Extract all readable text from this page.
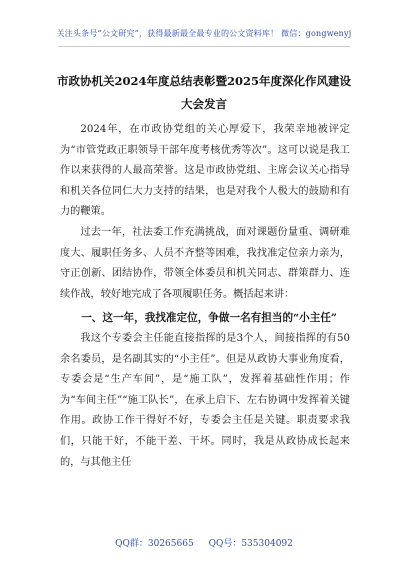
关注头条号“公文研究”，获得最新最全最专业的公文资料库！ 微信：gongwenyj
市政协机关2024年度总结表彰暨2025年度深化作风建设大会发言

2024年，在市政协党组的关心厚爱下，我荣幸地被评定为“市管党政正职领导干部年度考核优秀等次”。这可以说是我工作以来获得的人最高荣誉。这是市政协党组、主席会议关心指导和机关各位同仁大力支持的结果，也是对我个人极大的鼓励和有力的鞭策。

过去一年，社法委工作充满挑战，面对课题份量重、调研难度大、履职任务多、人员不齐整等困难，我找准定位亲力亲为，守正创新、团结协作，带领全体委员和机关同志、群策群力、连续作战，较好地完成了各项履职任务。概括起来讲：

一、这一年，我找准定位，争做一名有担当的“小主任”

我这个专委会主任能直接指挥的是3个人，间接指挥的有50余名委员，是名副其实的“小主任”。但是从政协大事业角度看，专委会是“生产车间”，是“施工队”，发挥着基础性作用；作为“车间主任”“施工队长”，在承上启下、左右协调中发挥着关键作用。政协工作干得好不好，专委会主任是关键。职责要求我们，只能干好，不能干差、干坏。同时，我是从政协成长起来的，与其他主任

QQ群：30265665 QQ号：535304092
